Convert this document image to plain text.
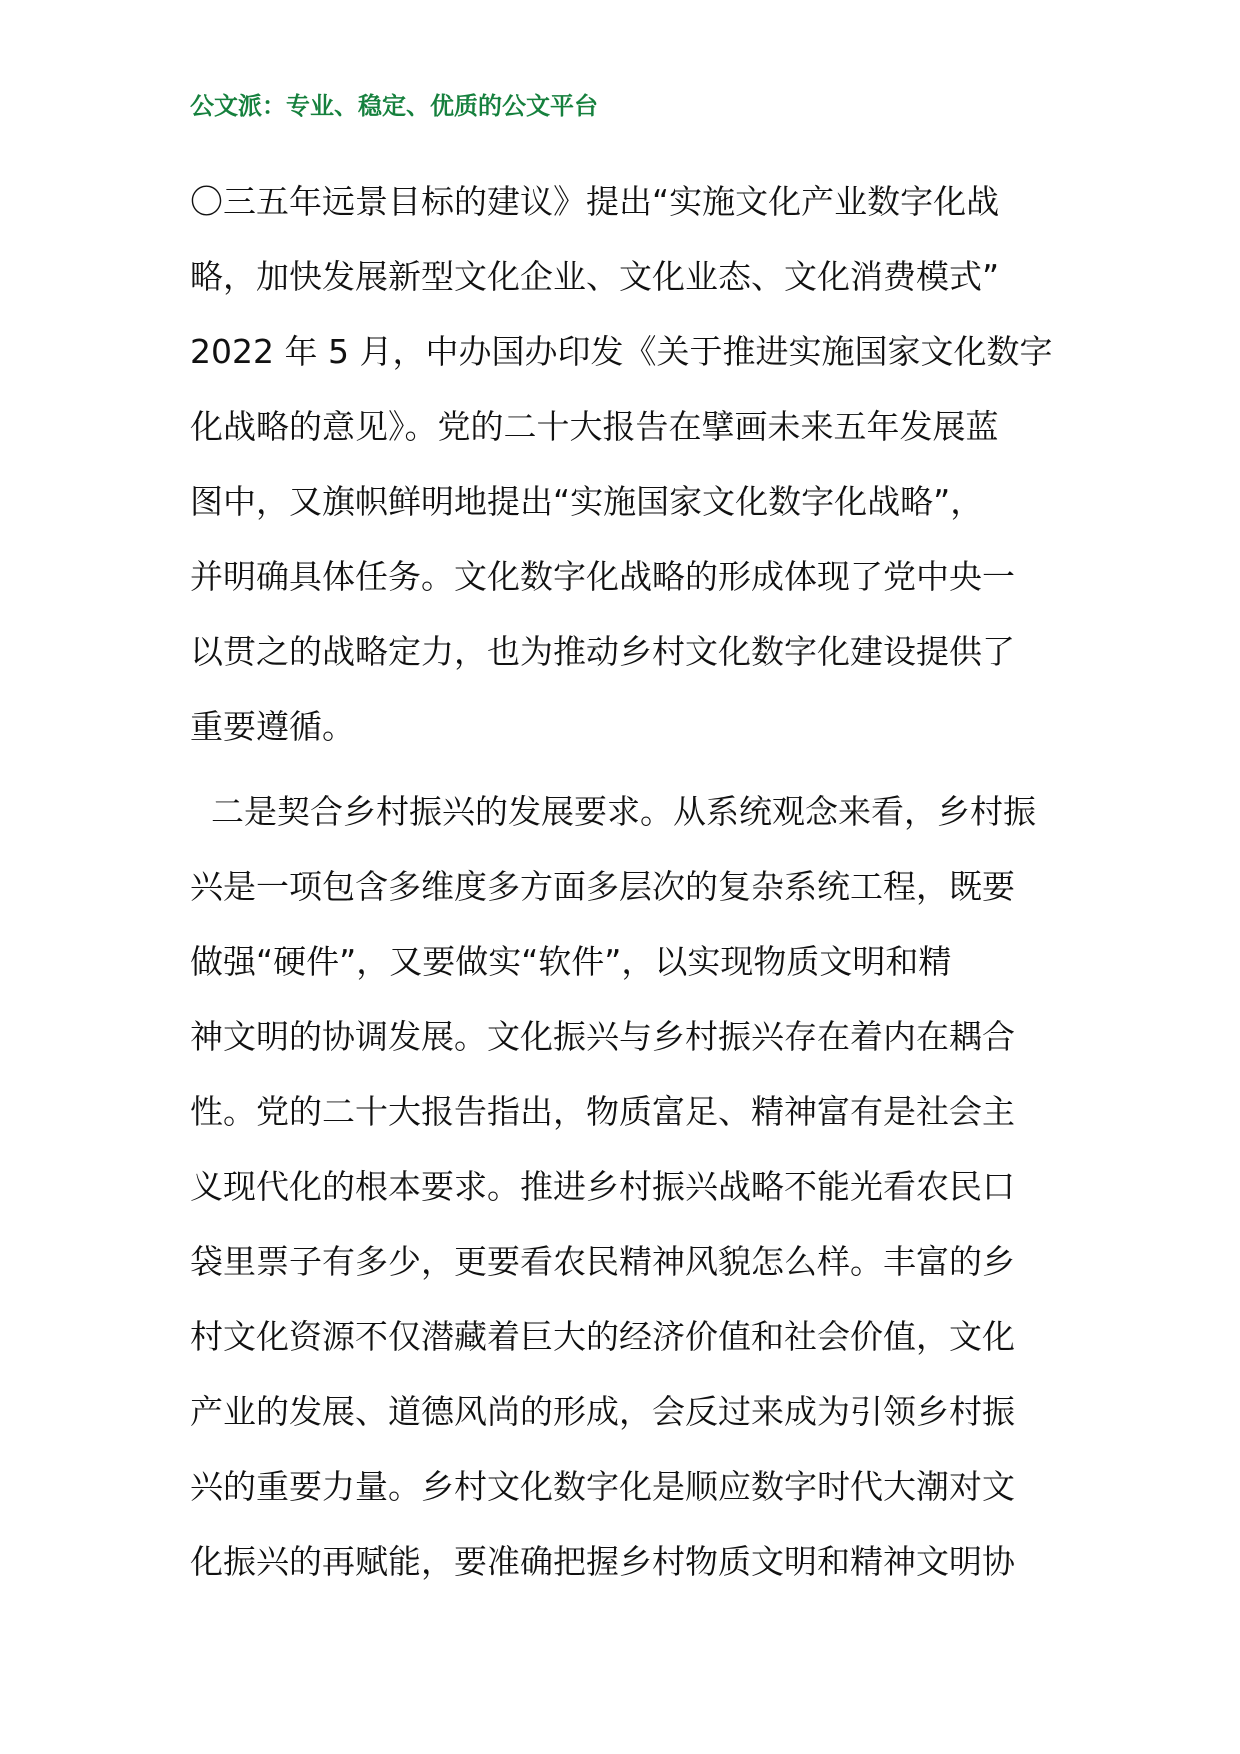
公文派：专业、稳定、优质的公文平台
〇三五年远景目标的建议》提出“实施文化产业数字化战
略，加快发展新型文化企业、文化业态、文化消费模式”
2022 年 5 月，中办国办印发《关于推进实施国家文化数字
化战略的意见》。党的二十大报告在擘画未来五年发展蓝
图中，又旗帜鲜明地提出“实施国家文化数字化战略”，
并明确具体任务。文化数字化战略的形成体现了党中央一
以贯之的战略定力，也为推动乡村文化数字化建设提供了
重要遵循。
二是契合乡村振兴的发展要求。从系统观念来看，乡村振
兴是一项包含多维度多方面多层次的复杂系统工程，既要
做强“硬件”，又要做实“软件”，以实现物质文明和精
神文明的协调发展。文化振兴与乡村振兴存在着内在耦合
性。党的二十大报告指出，物质富足、精神富有是社会主
义现代化的根本要求。推进乡村振兴战略不能光看农民口
袋里票子有多少，更要看农民精神风貌怎么样。丰富的乡
村文化资源不仅潜藏着巨大的经济价值和社会价值，文化
产业的发展、道德风尚的形成，会反过来成为引领乡村振
兴的重要力量。乡村文化数字化是顺应数字时代大潮对文
化振兴的再赋能，要准确把握乡村物质文明和精神文明协
